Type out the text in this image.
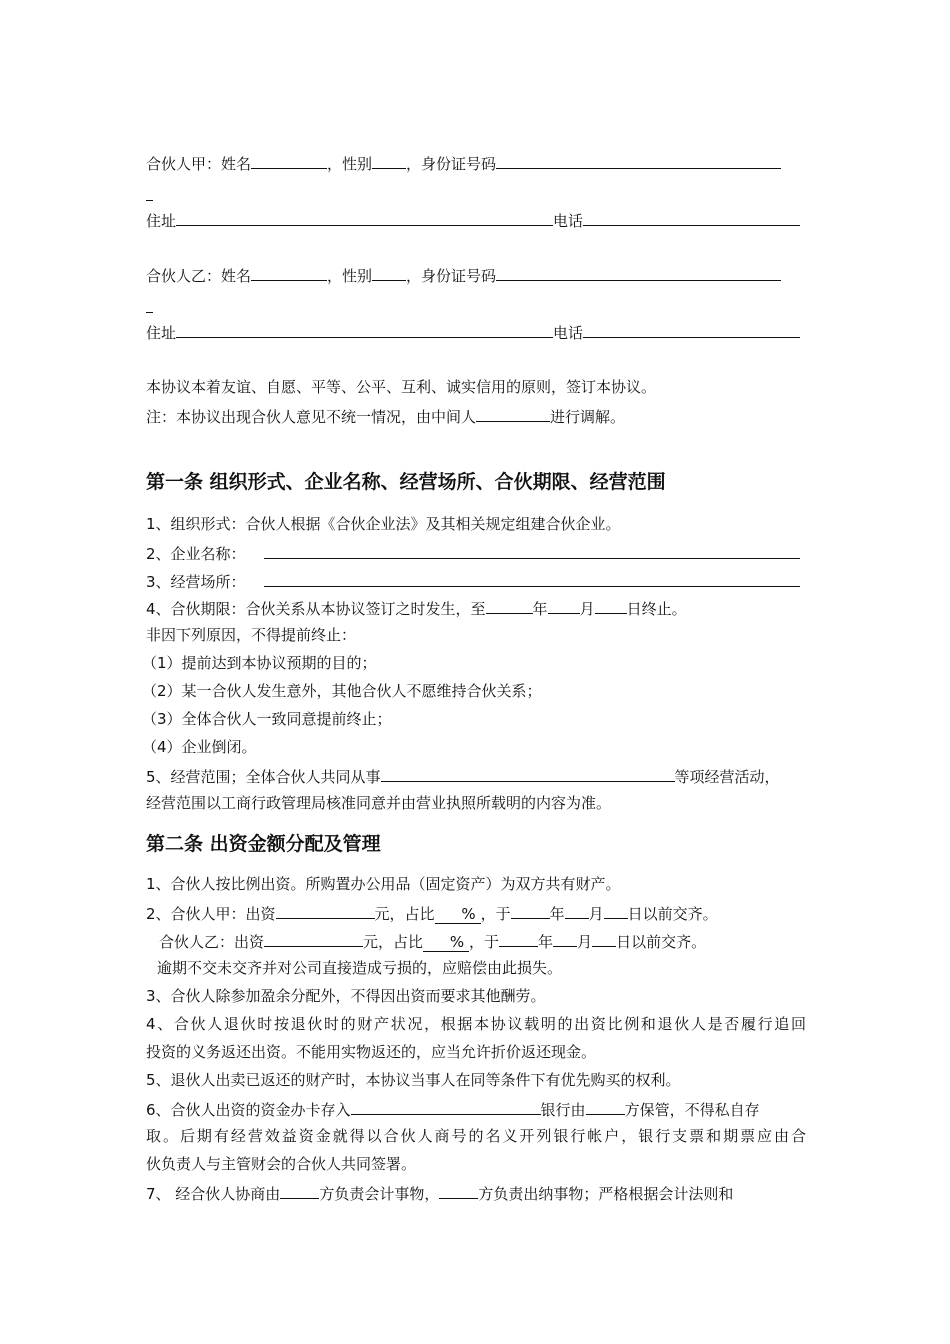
合伙人甲：姓名	，性别 ，身份证号码
住址	电话
合伙人乙：姓名	，性别 ，身份证号码
住址	电话
本协议本着友谊、自愿、平等、公平、互利、诚实信用的原则，签订本协议。
注：本协议出现合伙人意见不统一情况，由中间人	进行调解。
第一条 组织形式、企业名称、经营场所、合伙期限、经营范围
1、组织形式：合伙人根据《合伙企业法》及其相关规定组建合伙企业。
2、企业名称：
3、经营场所：
4、合伙期限：合伙关系从本协议签订之时发生，至	年 月 日终止。
非因下列原因，不得提前终止：
（1）提前达到本协议预期的目的；
（2）某一合伙人发生意外，其他合伙人不愿维持合伙关系；
（3）全体合伙人一致同意提前终止；
（4）企业倒闭。
5、经营范围；全体合伙人共同从事	等项经营活动，
经营范围以工商行政管理局核准同意并由营业执照所载明的内容为准。
第二条 出资金额分配及管理
1、合伙人按比例出资。所购置办公用品（固定资产）为双方共有财产。
2、合伙人甲：出资	元，占比 % ，于	年 月 日以前交齐。
合伙人乙：出资	元，占比 % ，于	年 月 日以前交齐。
逾期不交未交齐并对公司直接造成亏损的，应赔偿由此损失。
3、合伙人除参加盈余分配外，不得因出资而要求其他酬劳。
4、合伙人退伙时按退伙时的财产状况，根据本协议载明的出资比例和退伙人是否履行追回
投资的义务返还出资。不能用实物返还的，应当允许折价返还现金。
5、退伙人出卖已返还的财产时，本协议当事人在同等条件下有优先购买的权利。
6、合伙人出资的资金办卡存入	银行由	方保管，不得私自存
取。后期有经营效益资金就得以合伙人商号的名义开列银行帐户，银行支票和期票应由合
伙负责人与主管财会的合伙人共同签署。
7、 经合伙人协商由	方负责会计事物，	方负责出纳事物；严格根据会计法则和
